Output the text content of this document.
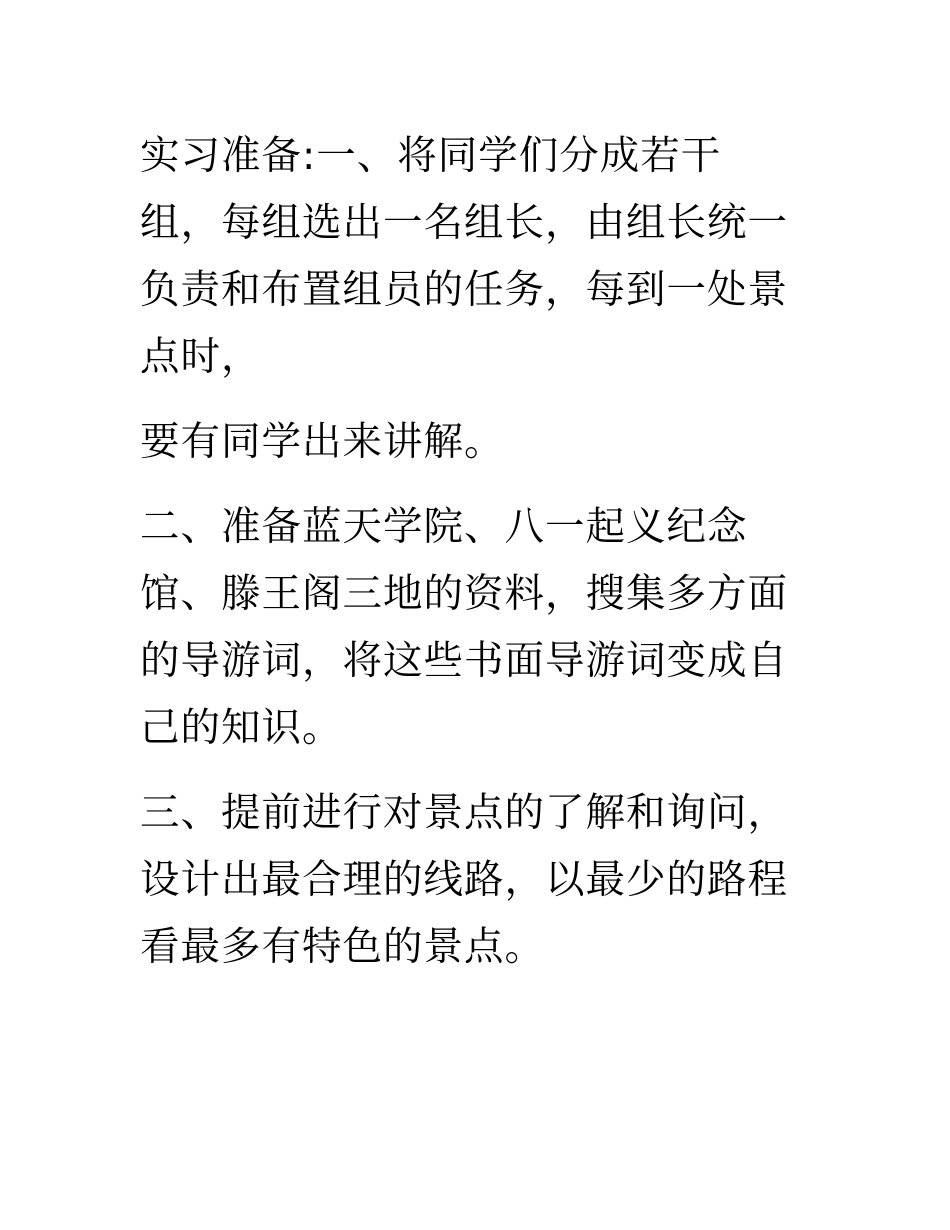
实习准备:一、将同学们分成若干组，每组选出一名组长，由组长统一负责和布置组员的任务，每到一处景点时，

要有同学出来讲解。

二、准备蓝天学院、八一起义纪念馆、滕王阁三地的资料，搜集多方面的导游词，将这些书面导游词变成自己的知识。

三、提前进行对景点的了解和询问，设计出最合理的线路，以最少的路程看最多有特色的景点。
